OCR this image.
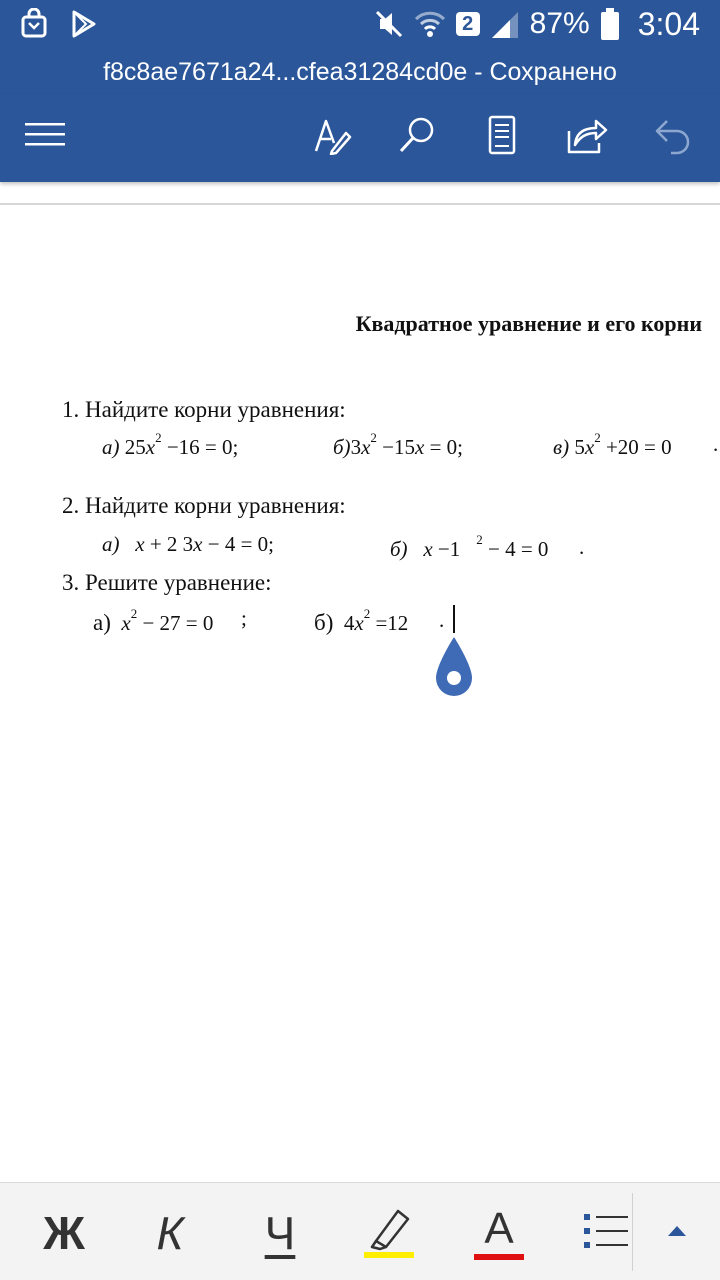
2 87% 3:04
f8c8ae7671a24...cfea31284cd0e - Сохранено
Квадратное уравнение и его корни
1. Найдите корни уравнения:
а) $25x^2 -16 = 0$;	$б)3x^2 -15x = 0$;	в) $5x^2 +20 = 0$ .
2. Найдите корни уравнения:
а) x + 2 3x − 4 = 0;	б) x −1 $^2$ − 4 = 0 .
3. Решите уравнение:
а) $x^2 - 27 = 0$ ;	б) $4x^2 =12$ .
Ж К Ч	A
